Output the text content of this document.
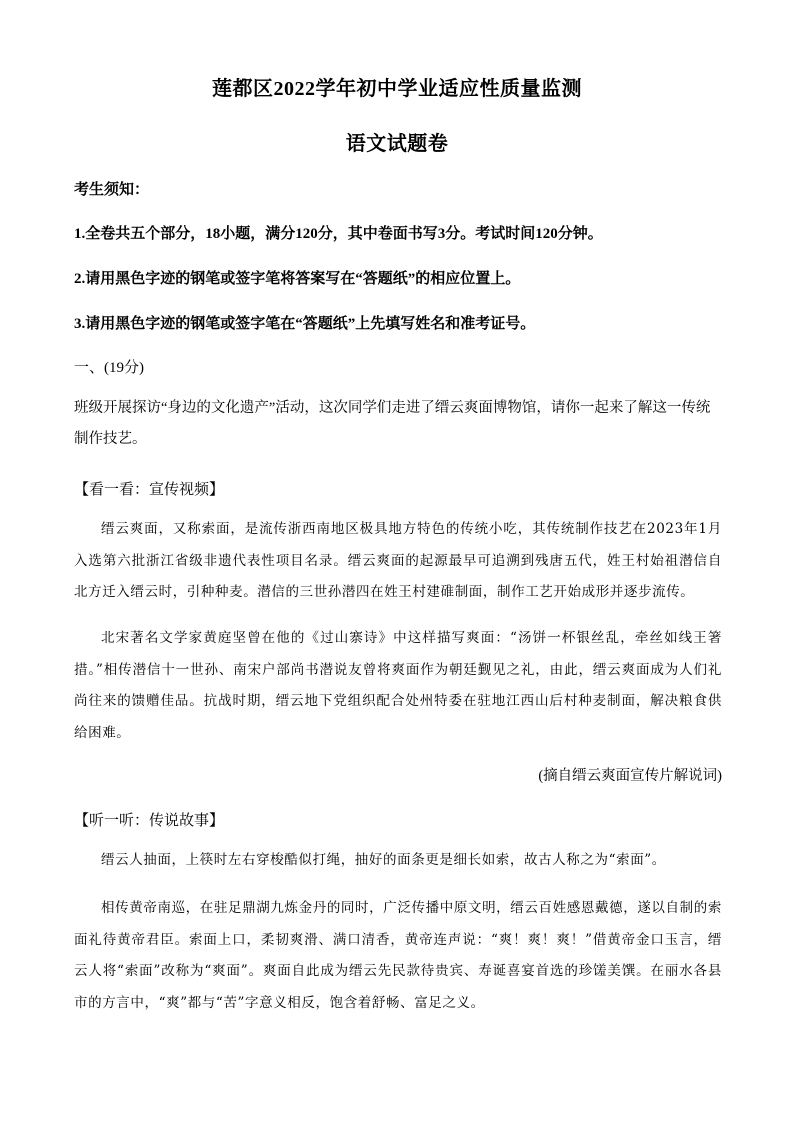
莲都区2022学年初中学业适应性质量监测
语文试题卷
考生须知：
1.全卷共五个部分，18小题，满分120分，其中卷面书写3分。考试时间120分钟。
2.请用黑色字迹的钢笔或签字笔将答案写在“答题纸”的相应位置上。
3.请用黑色字迹的钢笔或签字笔在“答题纸”上先填写姓名和准考证号。
一、(19分)
班级开展探访“身边的文化遗产”活动，这次同学们走进了缙云爽面博物馆，请你一起来了解这一传统制作技艺。
【看一看：宣传视频】
缙云爽面，又称索面，是流传浙西南地区极具地方特色的传统小吃，其传统制作技艺在2023年1月入选第六批浙江省级非遗代表性项目名录。缙云爽面的起源最早可追溯到残唐五代，姓王村始祖潜信自北方迁入缙云时，引种种麦。潜信的三世孙潜四在姓王村建碓制面，制作工艺开始成形并逐步流传。
北宋著名文学家黄庭坚曾在他的《过山寨诗》中这样描写爽面：“汤饼一杯银丝乱，牵丝如线王箸措。”相传潜信十一世孙、南宋户部尚书潜说友曾将爽面作为朝廷觐见之礼，由此，缙云爽面成为人们礼尚往来的馈赠佳品。抗战时期，缙云地下党组织配合处州特委在驻地江西山后村种麦制面，解决粮食供给困难。
(摘自缙云爽面宣传片解说词)
【听一听：传说故事】
缙云人抽面，上筷时左右穿梭酷似打绳，抽好的面条更是细长如索，故古人称之为“索面”。
相传黄帝南巡，在驻足鼎湖九炼金丹的同时，广泛传播中原文明，缙云百姓感恩戴德，遂以自制的索面礼待黄帝君臣。索面上口，柔韧爽滑、满口清香，黄帝连声说：“爽！爽！爽！”借黄帝金口玉言，缙云人将“索面”改称为“爽面”。爽面自此成为缙云先民款待贵宾、寿诞喜宴首选的珍馐美馔。在丽水各县市的方言中，“爽”都与“苦”字意义相反，饱含着舒畅、富足之义。
